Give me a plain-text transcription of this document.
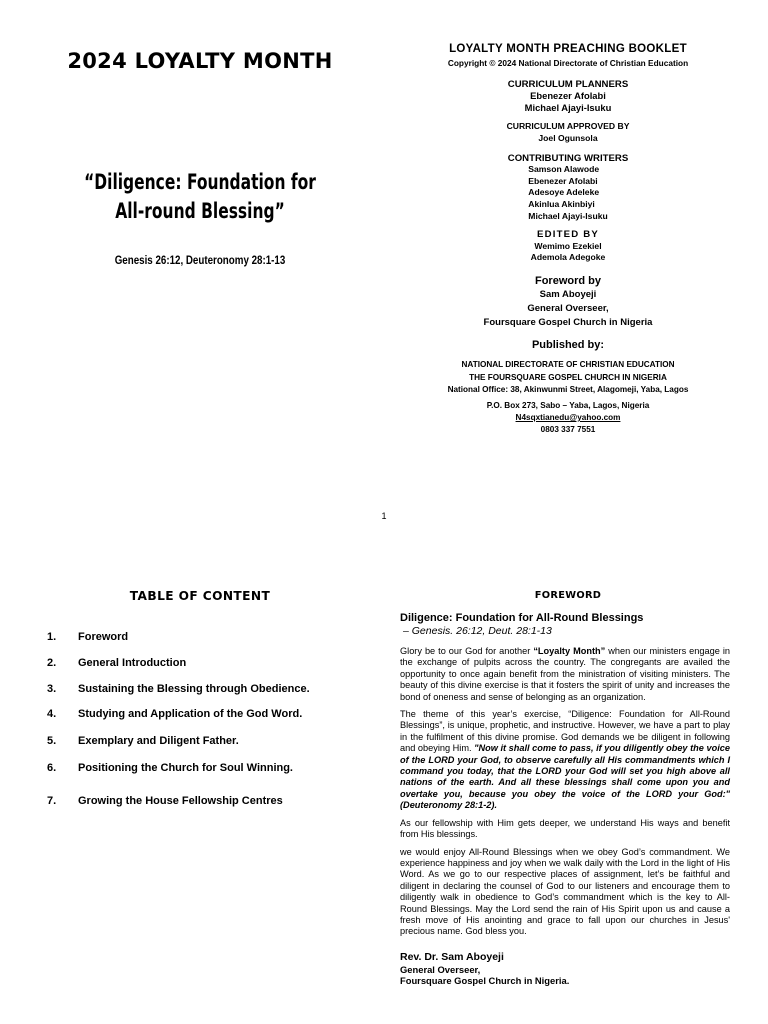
2024 LOYALTY MONTH
“Diligence: Foundation for
All-round Blessing”
Genesis 26:12, Deuteronomy 28:1-13
LOYALTY MONTH PREACHING BOOKLET
Copyright © 2024 National Directorate of Christian Education
CURRICULUM PLANNERS
Ebenezer Afolabi
Michael Ajayi-Isuku
CURRICULUM APPROVED BY
Joel Ogunsola
CONTRIBUTING WRITERS
Samson Alawode
Ebenezer Afolabi
Adesoye Adeleke
Akinlua Akinbiyi
Michael Ajayi-Isuku
EDITED BY
Wemimo Ezekiel
Ademola Adegoke
Foreword by
Sam Aboyeji
General Overseer,
Foursquare Gospel Church in Nigeria
Published by:
NATIONAL DIRECTORATE OF CHRISTIAN EDUCATION
THE FOURSQUARE GOSPEL CHURCH IN NIGERIA
National Office: 38, Akinwunmi Street, Alagomeji, Yaba, Lagos
P.O. Box 273, Sabo – Yaba, Lagos, Nigeria
N4sqxtianedu@yahoo.com
0803 337 7551
1
TABLE OF CONTENT
1. Foreword
2. General Introduction
3. Sustaining the Blessing through Obedience.
4. Studying and Application of the God Word.
5. Exemplary and Diligent Father.
6. Positioning the Church for Soul Winning.
7. Growing the House Fellowship Centres
FOREWORD
Diligence: Foundation for All-Round Blessings
– Genesis. 26:12, Deut. 28:1-13

Glory be to our God for another “Loyalty Month” when our ministers engage in the exchange of pulpits across the country. The congregants are availed the opportunity to once again benefit from the ministration of visiting ministers. The beauty of this divine exercise is that it fosters the spirit of unity and increases the bond of oneness and sense of belonging as an organization.

The theme of this year’s exercise, “Diligence: Foundation for All-Round Blessings”, is unique, prophetic, and instructive. However, we have a part to play in the fulfilment of this divine promise. God demands we be diligent in following and obeying Him. "Now it shall come to pass, if you diligently obey the voice of the LORD your God, to observe carefully all His commandments which I command you today, that the LORD your God will set you high above all nations of the earth. And all these blessings shall come upon you and overtake you, because you obey the voice of the LORD your God:" (Deuteronomy 28:1-2).

As our fellowship with Him gets deeper, we understand His ways and benefit from His blessings.

we would enjoy All-Round Blessings when we obey God’s commandment. We experience happiness and joy when we walk daily with the Lord in the light of His Word. As we go to our respective places of assignment, let’s be faithful and diligent in declaring the counsel of God to our listeners and encourage them to diligently walk in obedience to God’s commandment which is the key to All-Round Blessings. May the Lord send the rain of His Spirit upon us and cause a fresh move of His anointing and grace to fall upon our churches in Jesus' precious name. God bless you.

Rev. Dr. Sam Aboyeji
General Overseer,
Foursquare Gospel Church in Nigeria.
